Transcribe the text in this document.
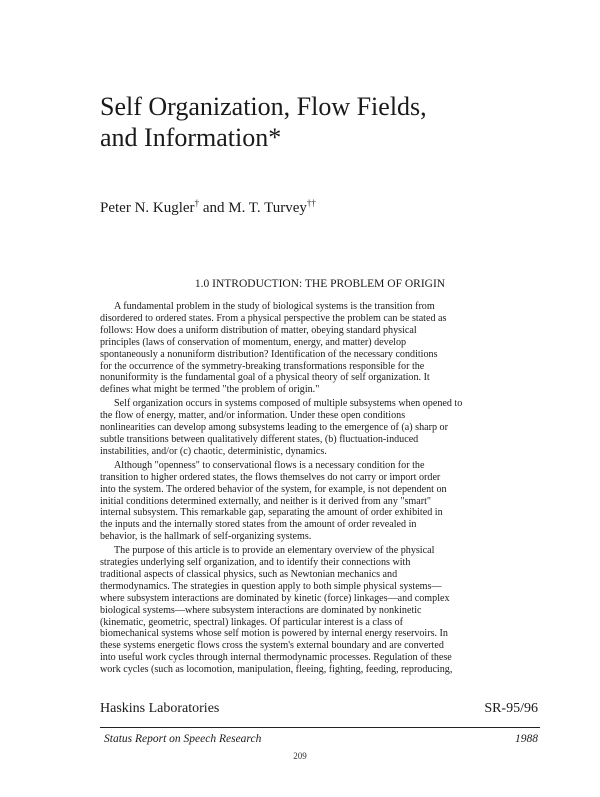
Self Organization, Flow Fields,
and Information*
Peter N. Kugler† and M. T. Turvey††
1.0 INTRODUCTION: THE PROBLEM OF ORIGIN
A fundamental problem in the study of biological systems is the transition from
disordered to ordered states. From a physical perspective the problem can be stated as
follows: How does a uniform distribution of matter, obeying standard physical
principles (laws of conservation of momentum, energy, and matter) develop
spontaneously a nonuniform distribution? Identification of the necessary conditions
for the occurrence of the symmetry-breaking transformations responsible for the
nonuniformity is the fundamental goal of a physical theory of self organization. It
defines what might be termed "the problem of origin."
Self organization occurs in systems composed of multiple subsystems when opened to
the flow of energy, matter, and/or information. Under these open conditions
nonlinearities can develop among subsystems leading to the emergence of (a) sharp or
subtle transitions between qualitatively different states, (b) fluctuation-induced
instabilities, and/or (c) chaotic, deterministic, dynamics.
Although "openness" to conservational flows is a necessary condition for the
transition to higher ordered states, the flows themselves do not carry or import order
into the system. The ordered behavior of the system, for example, is not dependent on
initial conditions determined externally, and neither is it derived from any "smart"
internal subsystem. This remarkable gap, separating the amount of order exhibited in
the inputs and the internally stored states from the amount of order revealed in
behavior, is the hallmark of self-organizing systems.
The purpose of this article is to provide an elementary overview of the physical
strategies underlying self organization, and to identify their connections with
traditional aspects of classical physics, such as Newtonian mechanics and
thermodynamics. The strategies in question apply to both simple physical systems—
where subsystem interactions are dominated by kinetic (force) linkages—and complex
biological systems—where subsystem interactions are dominated by nonkinetic
(kinematic, geometric, spectral) linkages. Of particular interest is a class of
biomechanical systems whose self motion is powered by internal energy reservoirs. In
these systems energetic flows cross the system's external boundary and are converted
into useful work cycles through internal thermodynamic processes. Regulation of these
work cycles (such as locomotion, manipulation, fleeing, fighting, feeding, reproducing,
Haskins Laboratories	SR-95/96
Status Report on Speech Research	1988
209
